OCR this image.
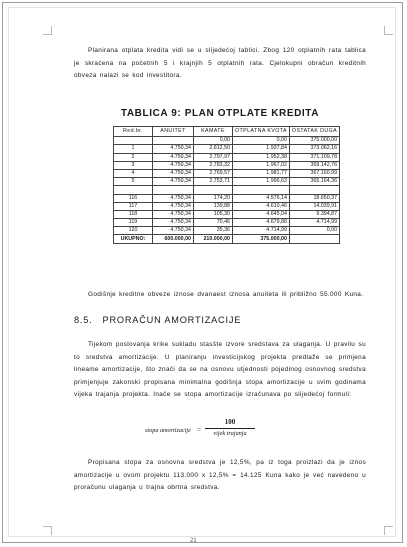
Planirana otplata kredita vidi se u slijedećoj tablici. Zbog 120 otplatnih rata tablica je skraćena na početnih 5 i krajnjih 5 otplatnih rata. Cjelokupni obračun kreditnih obveza nalazi se kod investitora.

TABLICA 9: PLAN OTPLATE KREDITA
Red.br.	ANUITET	KAMATE	OTPLATNA KVOTA	OSTATAK DUGA
		0,00	0,00	375.000,00
1	4.750,34	2.812,50	1.937,84	373.062,16
2	4.750,34	2.797,97	1.952,38	371.109,78
3	4.750,34	2.783,32	1.967,02	369.142,76
4	4.750,34	2.769,57	1.981,77	367.160,99
5	4.750,34	2.753,71	1.996,63	365.164,36

116	4.750,34	174,20	4.576,14	18.650,37
117	4.750,34	139,88	4.610,46	14.039,91
118	4.750,34	105,30	4.645,04	9.394,87
119	4.750,34	70,46	4.679,88	4.714,99
120	4.750,34	35,36	4.714,99	0,00
UKUPNO:	600.000,00	210.000,00	375.000,00	

Godišnje kreditne obveze iznose dvanaest iznosa anuiteta ili približno 55.000 Kuna.

8.5. PRORAČUN AMORTIZACIJE

Tijekom poslovanja krike sukladu stasšte izvore sredstava za ulaganja. U pravilu su to sredstva amortizacije. U planiranju investicijskog projekta predlaže se primjena lineame amortizacije, što znači da se na osnovu utjednosti pojedinog osnovnog sredstva primjenjuje zakonski propisana minimalna godišnja stopa amortizacije u svim godinama vijeka trajanja projekta. Inače se stopa amortizacije izračunava po slijedećoj formuli:

stopa amortizacije =
100
vijek trajanja

Propisana stopa za osnovna sredstva je 12,5%, pa iz toga proizlazi da je iznos amortizacije u ovom projektu 113.000 x 12,5% = 14.125 Kuna kako je već navedeno u proračunu ulaganja u trajna obrtna sredstva.

21
